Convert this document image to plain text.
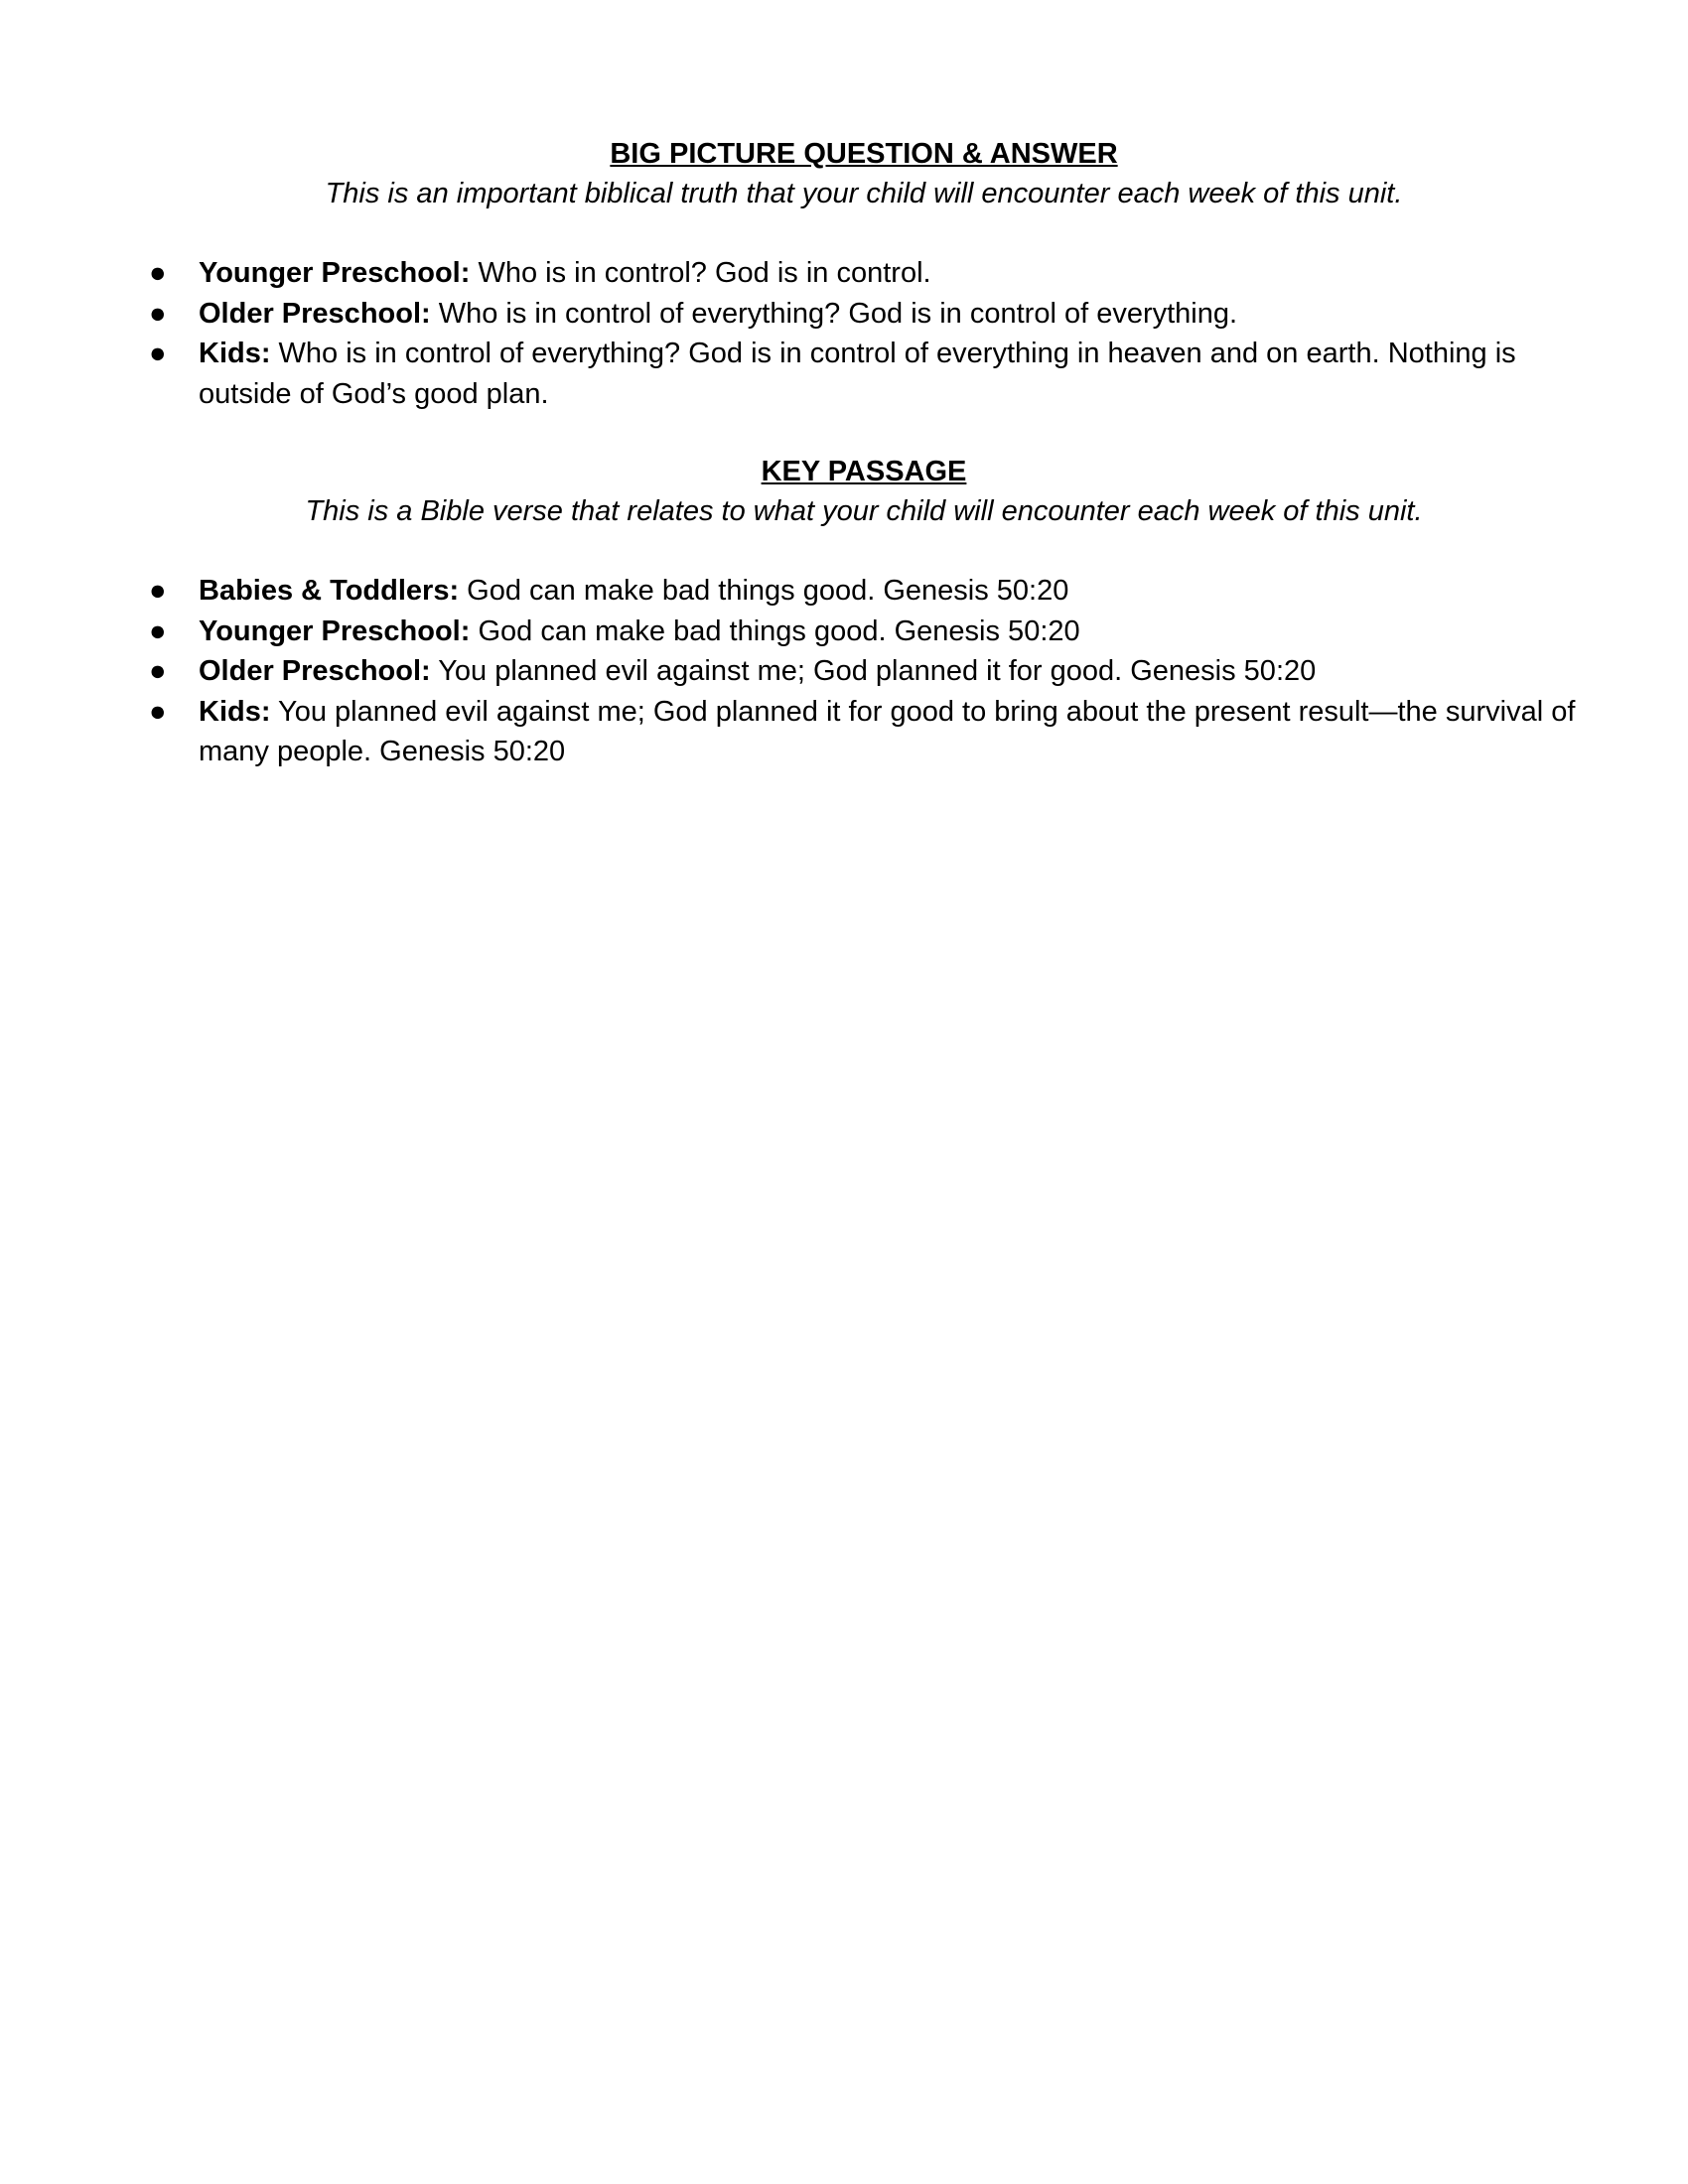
BIG PICTURE QUESTION & ANSWER

This is an important biblical truth that your child will encounter each week of this unit.

● Younger Preschool: Who is in control? God is in control.
● Older Preschool: Who is in control of everything? God is in control of everything.
● Kids: Who is in control of everything? God is in control of everything in heaven and on earth. Nothing is outside of God’s good plan.
KEY PASSAGE

This is a Bible verse that relates to what your child will encounter each week of this unit.

● Babies & Toddlers: God can make bad things good. Genesis 50:20
● Younger Preschool: God can make bad things good. Genesis 50:20
● Older Preschool: You planned evil against me; God planned it for good. Genesis 50:20
● Kids: You planned evil against me; God planned it for good to bring about the present result—the survival of many people. Genesis 50:20
